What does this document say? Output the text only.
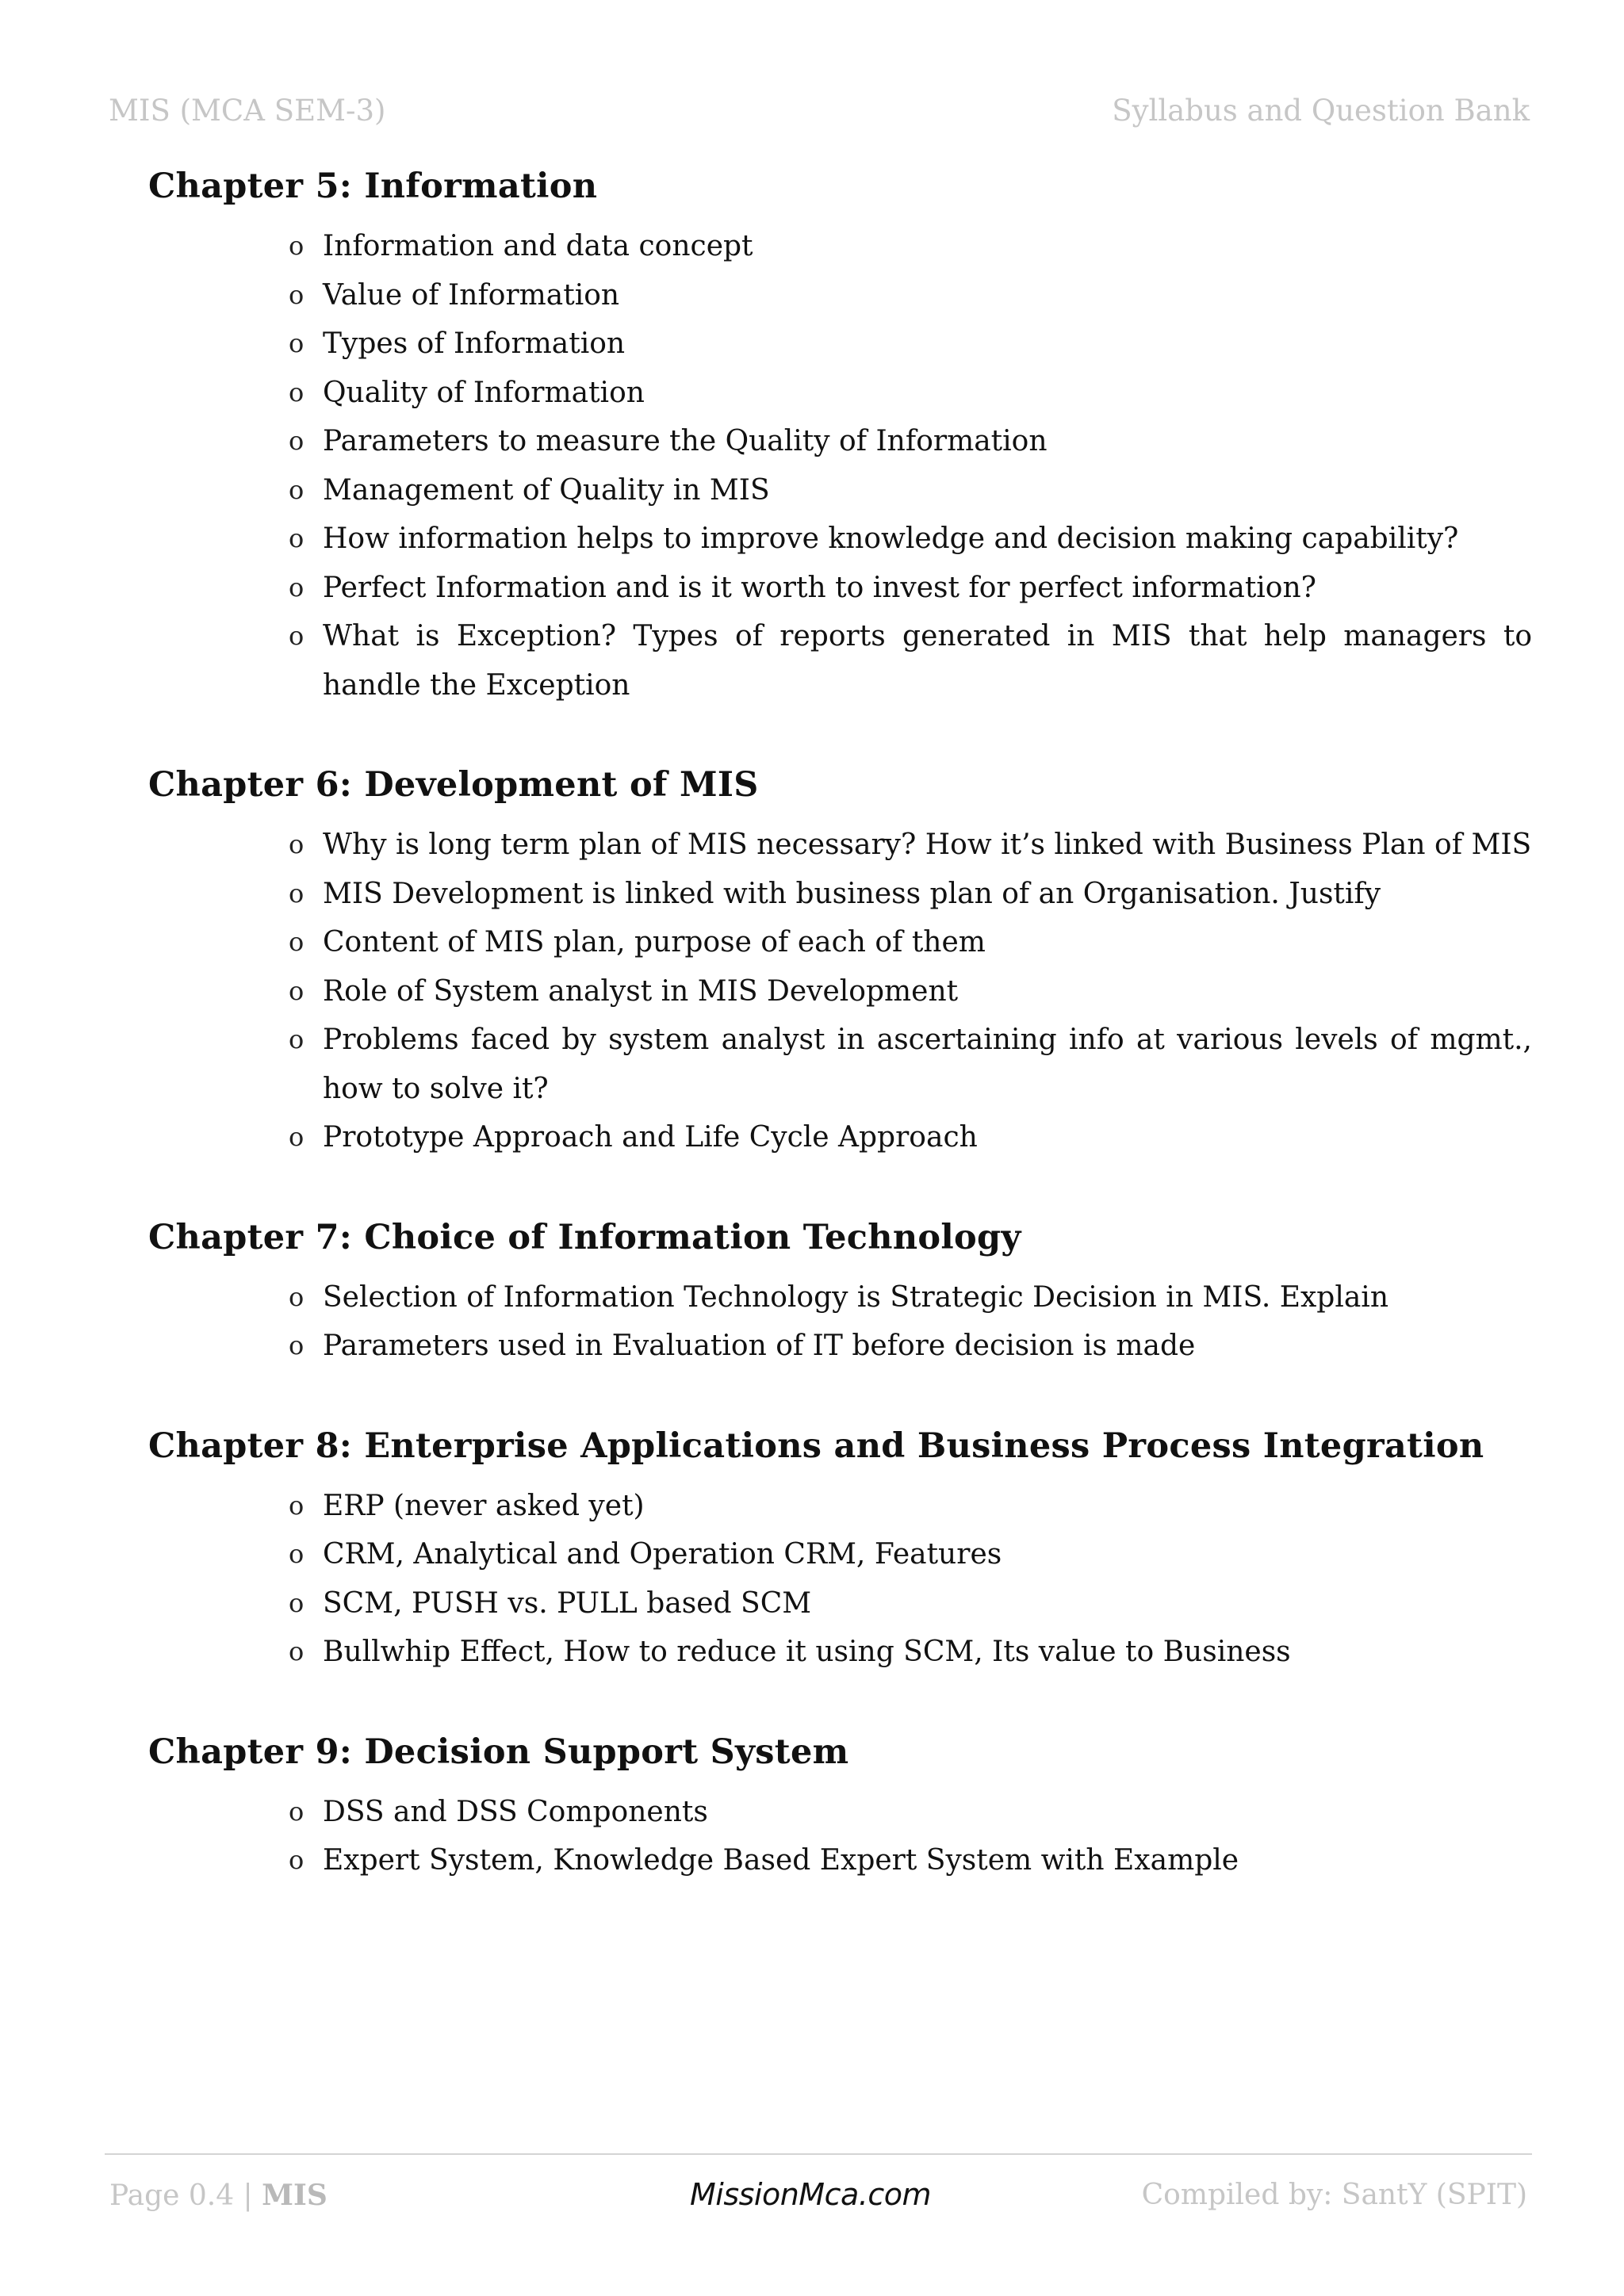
MIS (MCA SEM-3)	Syllabus and Question Bank
Chapter 5: Information
o Information and data concept
o Value of Information
o Types of Information
o Quality of Information
o Parameters to measure the Quality of Information
o Management of Quality in MIS
o How information helps to improve knowledge and decision making capability?
o Perfect Information and is it worth to invest for perfect information?
o What is Exception? Types of reports generated in MIS that help managers to handle the Exception
Chapter 6: Development of MIS
o Why is long term plan of MIS necessary? How it’s linked with Business Plan of MIS
o MIS Development is linked with business plan of an Organisation. Justify
o Content of MIS plan, purpose of each of them
o Role of System analyst in MIS Development
o Problems faced by system analyst in ascertaining info at various levels of mgmt., how to solve it?
o Prototype Approach and Life Cycle Approach
Chapter 7: Choice of Information Technology
o Selection of Information Technology is Strategic Decision in MIS. Explain
o Parameters used in Evaluation of IT before decision is made
Chapter 8: Enterprise Applications and Business Process Integration
o ERP (never asked yet)
o CRM, Analytical and Operation CRM, Features
o SCM, PUSH vs. PULL based SCM
o Bullwhip Effect, How to reduce it using SCM, Its value to Business
Chapter 9: Decision Support System
o DSS and DSS Components
o Expert System, Knowledge Based Expert System with Example
Page 0.4 | MIS	MissionMca.com	Compiled by: SantY (SPIT)
